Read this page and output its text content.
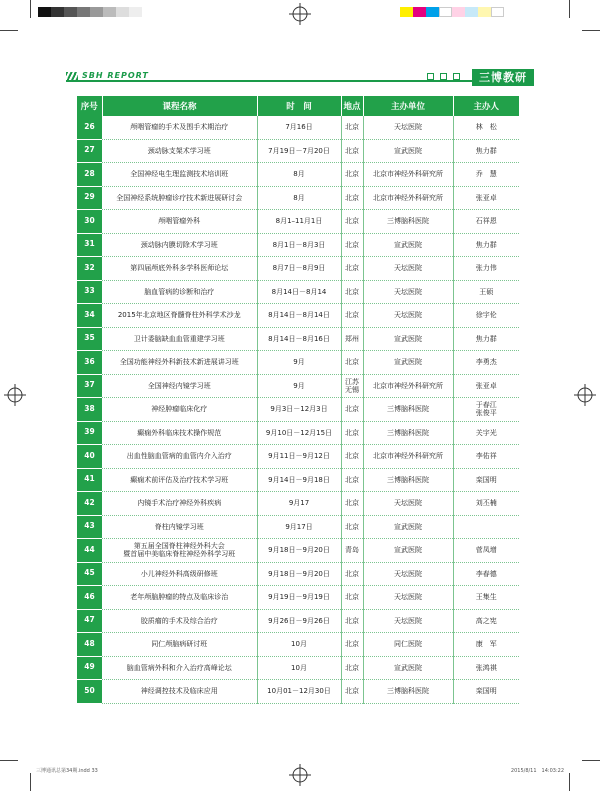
SBH REPORT	三博教研
序号	课程名称	时　间	地点	主办单位	主办人
26	颅咽管瘤的手术及围手术期治疗	7月16日	北京	天坛医院	林　松
27	颈动脉支架术学习班	7月19日－7月20日	北京	宣武医院	焦力群
28	全国神经电生理监测技术培训班	8月	北京	北京市神经外科研究所	乔　慧
29	全国神经系统肿瘤诊疗技术新进展研讨会	8月	北京	北京市神经外科研究所	张亚卓
30	颅咽管瘤外科	8月1–11月1日	北京	三博脑科医院	石祥恩
31	颈动脉内膜切除术学习班	8月1日－8月3日	北京	宣武医院	焦力群
32	第四届颅底外科多学科医师论坛	8月7日－8月9日	北京	天坛医院	张力伟
33	脑血管病的诊断和治疗	8月14日－8月14	北京	天坛医院	王硕
34	2015年北京地区脊髓脊柱外科学术沙龙	8月14日－8月14日	北京	天坛医院	徐宇伦
35	卫计委脑缺血血管重建学习班	8月14日－8月16日	郑州	宣武医院	焦力群
36	全国功能神经外科新技术新进展讲习班	9月	北京	宣武医院	李勇杰
37	全国神经内镜学习班	9月	江苏
无锡	北京市神经外科研究所	张亚卓
38	神经肿瘤临床化疗	9月3日－12月3日	北京	三博脑科医院	于春江
张俊平
39	癫痫外科临床技术操作规范	9月10日－12月15日	北京	三博脑科医院	关宇光
40	出血性脑血管病的血管内介入治疗	9月11日－9月12日	北京	北京市神经外科研究所	李佑祥
41	癫痫术前评估及治疗技术学习班	9月14日－9月18日	北京	三博脑科医院	栾国明
42	内镜手术治疗神经外科疾病	9月17	北京	天坛医院	刘丕楠
43	脊柱内镜学习班	9月17日	北京	宣武医院	
44	第五届全国脊柱神经外科大会
暨首届中美临床脊柱神经外科学习班	9月18日－9月20日	青岛	宣武医院	菅凤增
45	小儿神经外科高级研修班	9月18日－9月20日	北京	天坛医院	李春德
46	老年颅脑肿瘤的特点及临床诊治	9月19日－9月19日	北京	天坛医院	王集生
47	胶质瘤的手术及综合治疗	9月26日－9月26日	北京	天坛医院	高之宪
48	同仁颅脑病研讨班	10月	北京	同仁医院	康　军
49	脑血管病外科和介入治疗高峰论坛	10月	北京	宣武医院	张鸿祺
50	神经调控技术及临床应用	10月01－12月30日	北京	三博脑科医院	栾国明
三博通讯总第34期.indd 33	2015/8/11　14:03:22
